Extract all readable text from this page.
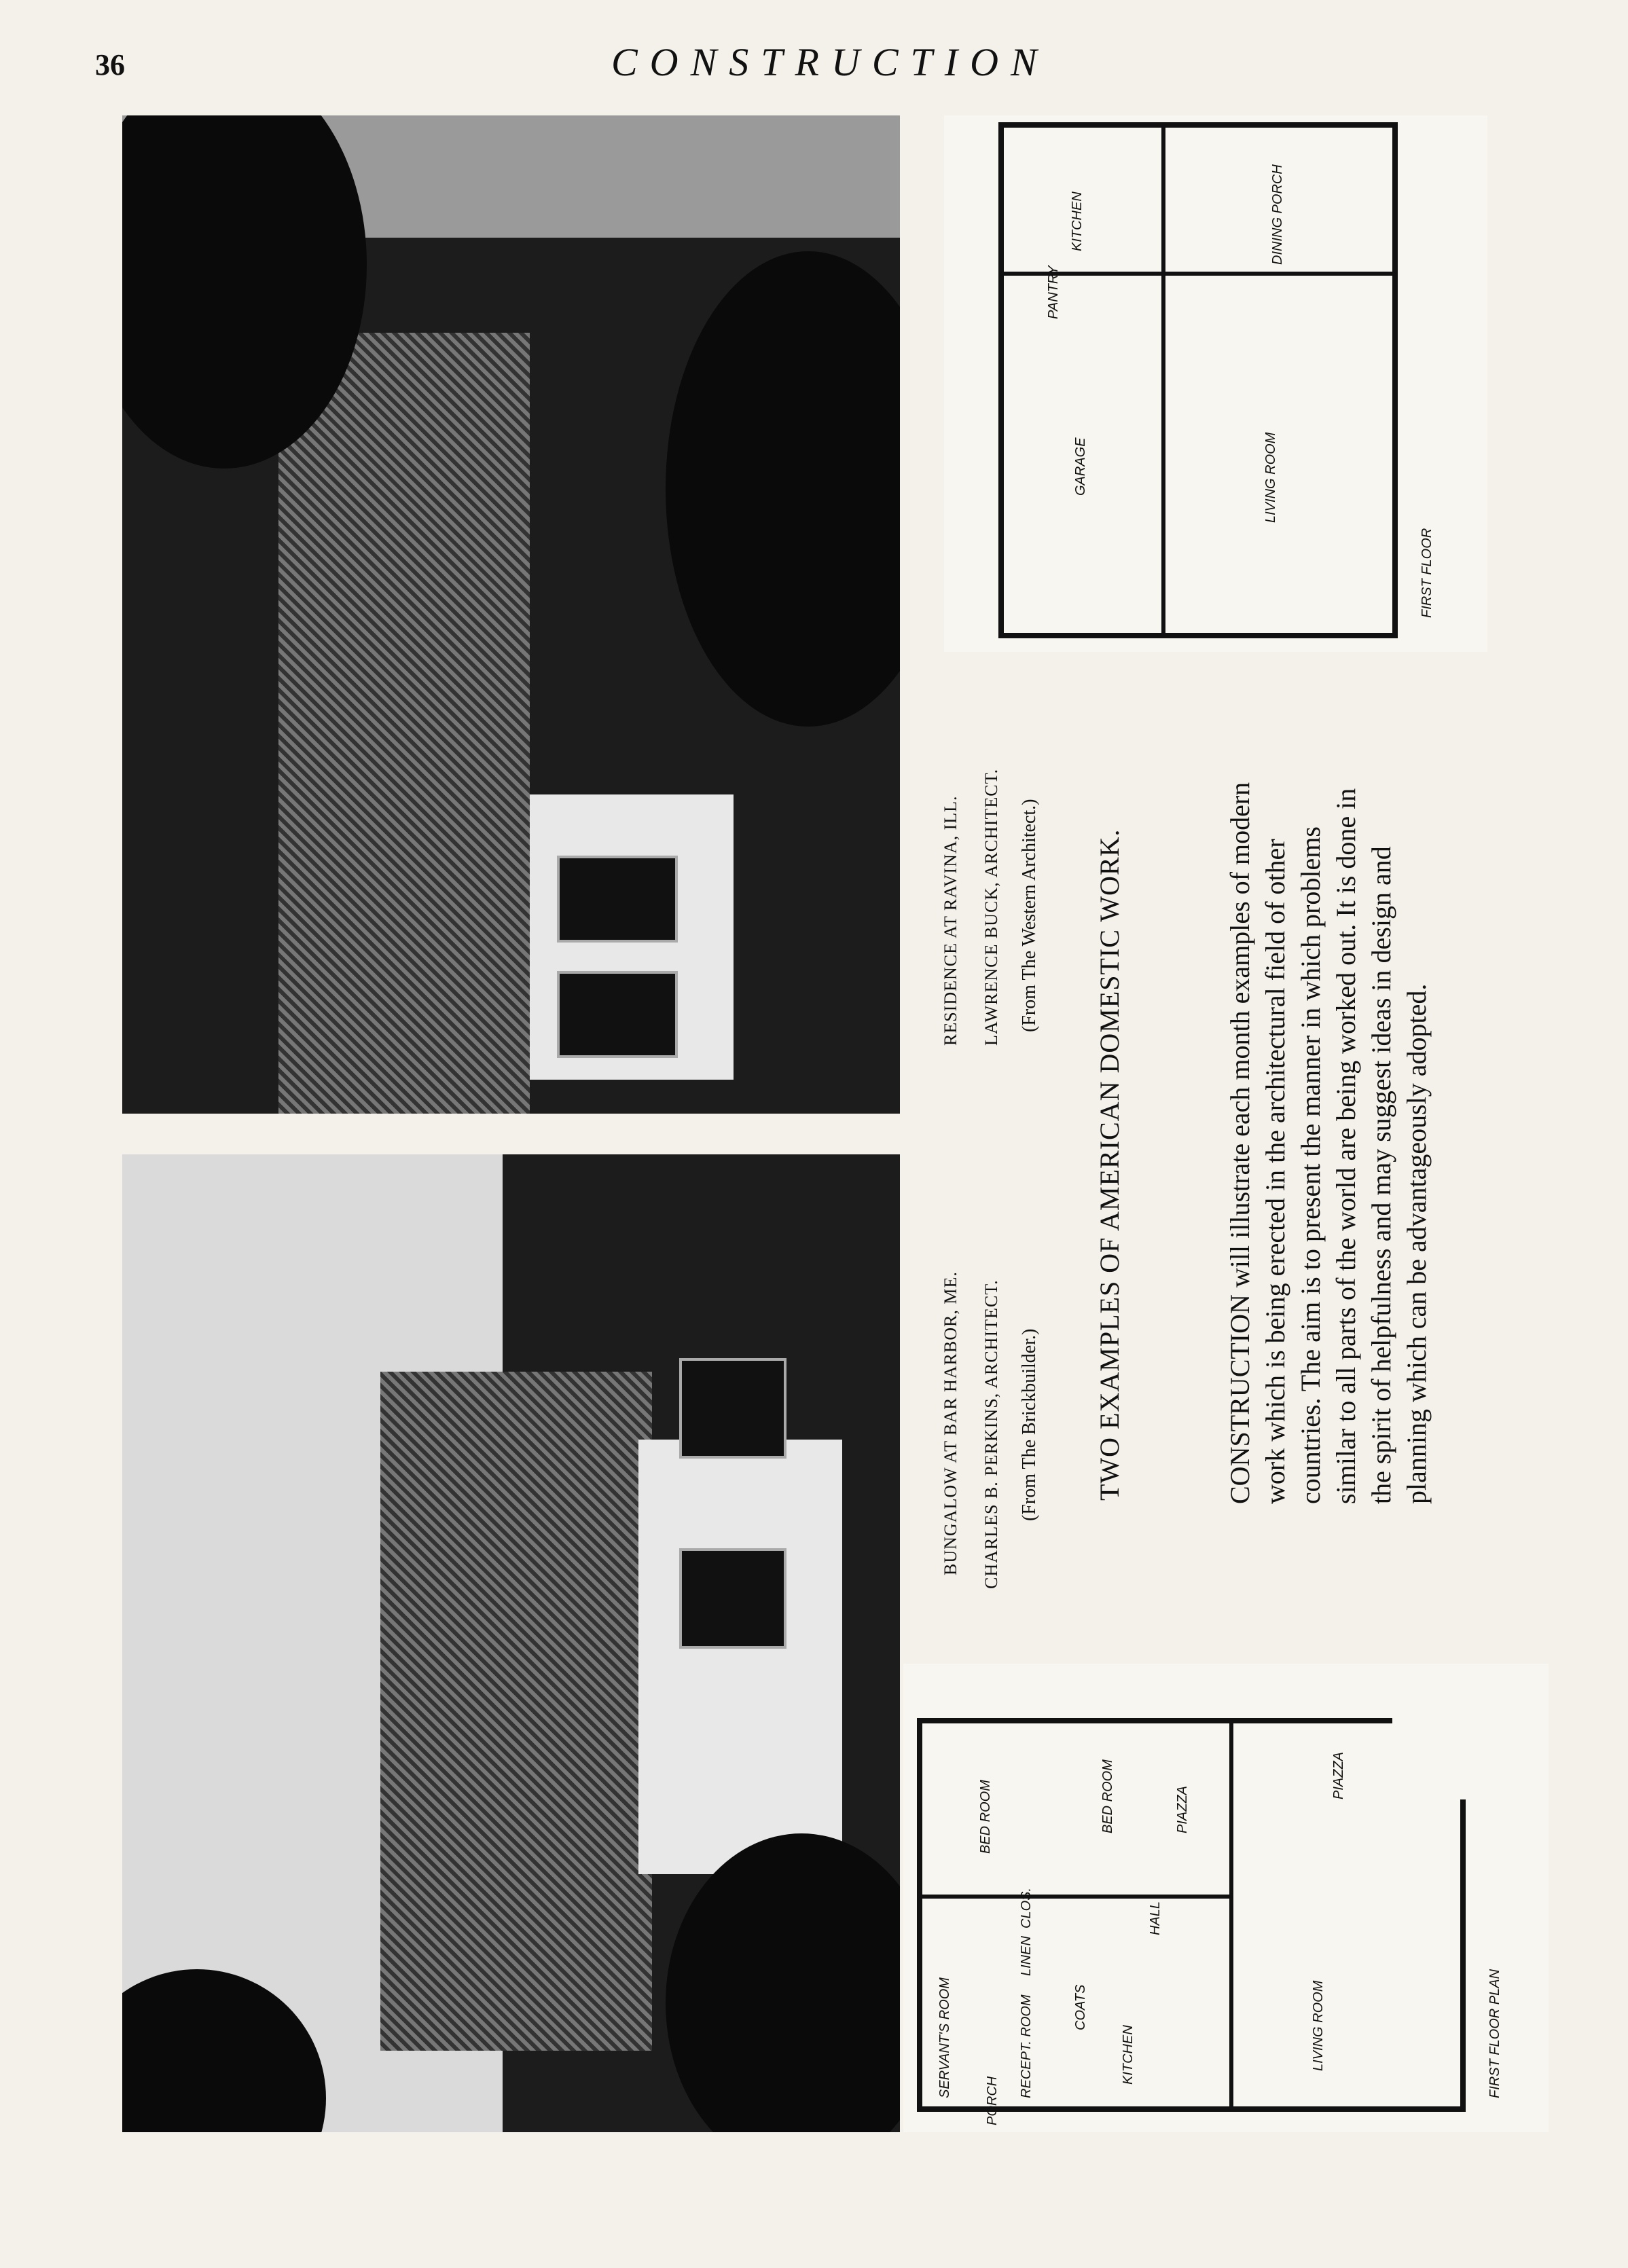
36	CONSTRUCTION
KITCHEN	DINING PORCH
PANTRY
GARAGE	LIVING ROOM
FIRST FLOOR
BED ROOM	BED ROOM	PIAZZA
PIAZZA
HALL
CLOS.
LINEN
COATS
SERVANT'S ROOM	RECEPT. ROOM	KITCHEN	LIVING ROOM
PORCH
FIRST FLOOR PLAN
RESIDENCE AT RAVINA, ILL. LAWRENCE BUCK, ARCHITECT. (From The Western Architect.)
BUNGALOW AT BAR HARBOR, ME. CHARLES B. PERKINS, ARCHITECT. (From The Brickbuilder.) TWO EXAMPLES OF AMERICAN DOMESTIC WORK.	CONSTRUCTION will illustrate each month examples of modern work which is being erected in the architectural field of other countries. The aim is to present the manner in which problems similar to all parts of the world are being worked out. It is done in the spirit of helpfulness and may suggest ideas in design and planning which can be advantageously adopted.
